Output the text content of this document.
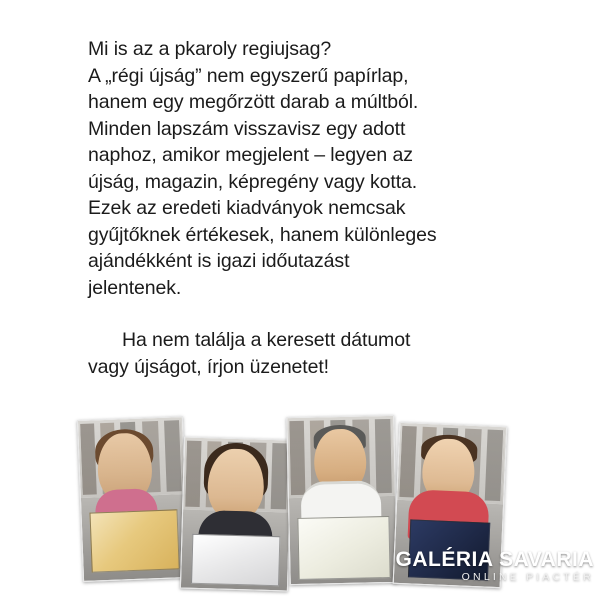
Mi is az a pkaroly regiujsag?

A „régi újság” nem egyszerű papírlap,

hanem egy megőrzött darab a múltból.

Minden lapszám visszavisz egy adott

naphoz, amikor megjelent – legyen az

újság, magazin, képregény vagy kotta.

Ezek az eredeti kiadványok nemcsak

gyűjtőknek értékesek, hanem különleges

ajándékként is igazi időutazást

jelentenek.

Ha nem találja a keresett dátumot

vagy újságot, írjon üzenetet!

GALÉRIA SAVARIA
ONLINE PIACTÉR
